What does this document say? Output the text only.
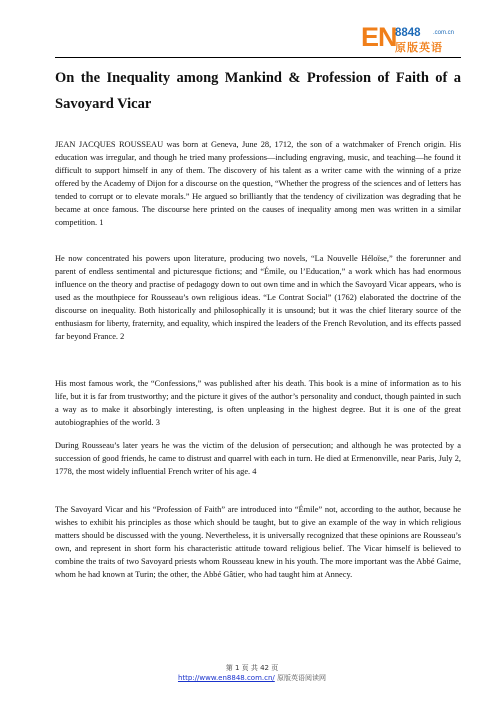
EN
8848 .com.cn
原版英语
On the Inequality among Mankind & Profession of Faith of a Savoyard Vicar

JEAN JACQUES ROUSSEAU was born at Geneva, June 28, 1712, the son of a watchmaker of French origin. His education was irregular, and though he tried many professions—including engraving, music, and teaching—he found it difficult to support himself in any of them. The discovery of his talent as a writer came with the winning of a prize offered by the Academy of Dijon for a discourse on the question, “Whether the progress of the sciences and of letters has tended to corrupt or to elevate morals.” He argued so brilliantly that the tendency of civilization was degrading that he became at once famous. The discourse here printed on the causes of inequality among men was written in a similar competition. 1

He now concentrated his powers upon literature, producing two novels, “La Nouvelle Héloïse,” the forerunner and parent of endless sentimental and picturesque fictions; and “Émile, ou l’Education,” a work which has had enormous influence on the theory and practise of pedagogy down to out own time and in which the Savoyard Vicar appears, who is used as the mouthpiece for Rousseau’s own religious ideas. “Le Contrat Social” (1762) elaborated the doctrine of the discourse on inequality. Both historically and philosophically it is unsound; but it was the chief literary source of the enthusiasm for liberty, fraternity, and equality, which inspired the leaders of the French Revolution, and its effects passed far beyond France. 2

His most famous work, the “Confessions,” was published after his death. This book is a mine of information as to his life, but it is far from trustworthy; and the picture it gives of the author’s personality and conduct, though painted in such a way as to make it absorbingly interesting, is often unpleasing in the highest degree. But it is one of the great autobiographies of the world. 3

During Rousseau’s later years he was the victim of the delusion of persecution; and although he was protected by a succession of good friends, he came to distrust and quarrel with each in turn. He died at Ermenonville, near Paris, July 2, 1778, the most widely influential French writer of his age. 4

The Savoyard Vicar and his “Profession of Faith” are introduced into “Émile” not, according to the author, because he wishes to exhibit his principles as those which should be taught, but to give an example of the way in which religious matters should be discussed with the young. Nevertheless, it is universally recognized that these opinions are Rousseau’s own, and represent in short form his characteristic attitude toward religious belief. The Vicar himself is believed to combine the traits of two Savoyard priests whom Rousseau knew in his youth. The more important was the Abbé Gaime, whom he had known at Turin; the other, the Abbé Gâtier, who had taught him at Annecy.

第 1 页 共 42 页
http://www.en8848.com.cn/ 原版英语阅读网
